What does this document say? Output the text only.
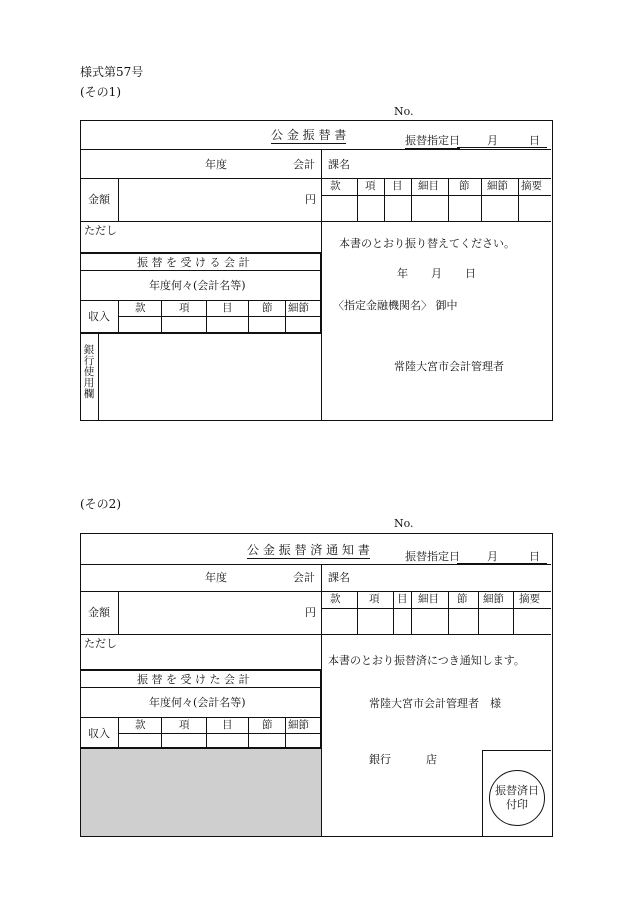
様式第57号
(その1)
No.
公 金 振 替 書	振替指定日 月	日

年度	会計 課名
款 項 目 細目 節 細節 摘要
金額	円
ただし
振 替 を 受 け る 会 計
年度何々(会計名等)
収入
款	項	目	節 細節
本書のとおり振り替えてください。
年 月 日
〈指定金融機関名〉 御中
常陸大宮市会計管理者
銀行使用欄
(その2)
No.
公 金 振 替 済 通 知 書	振替指定日 月	日

年度	会計 課名
款	項 目 細目 節 細節 摘要
金額	円
ただし
振 替 を 受 け た 会 計
年度何々(会計名等)
収入
款	項	目	節 細節
本書のとおり振替済につき通知します。
常陸大宮市会計管理者　様
銀行	店
振替済日
付印
